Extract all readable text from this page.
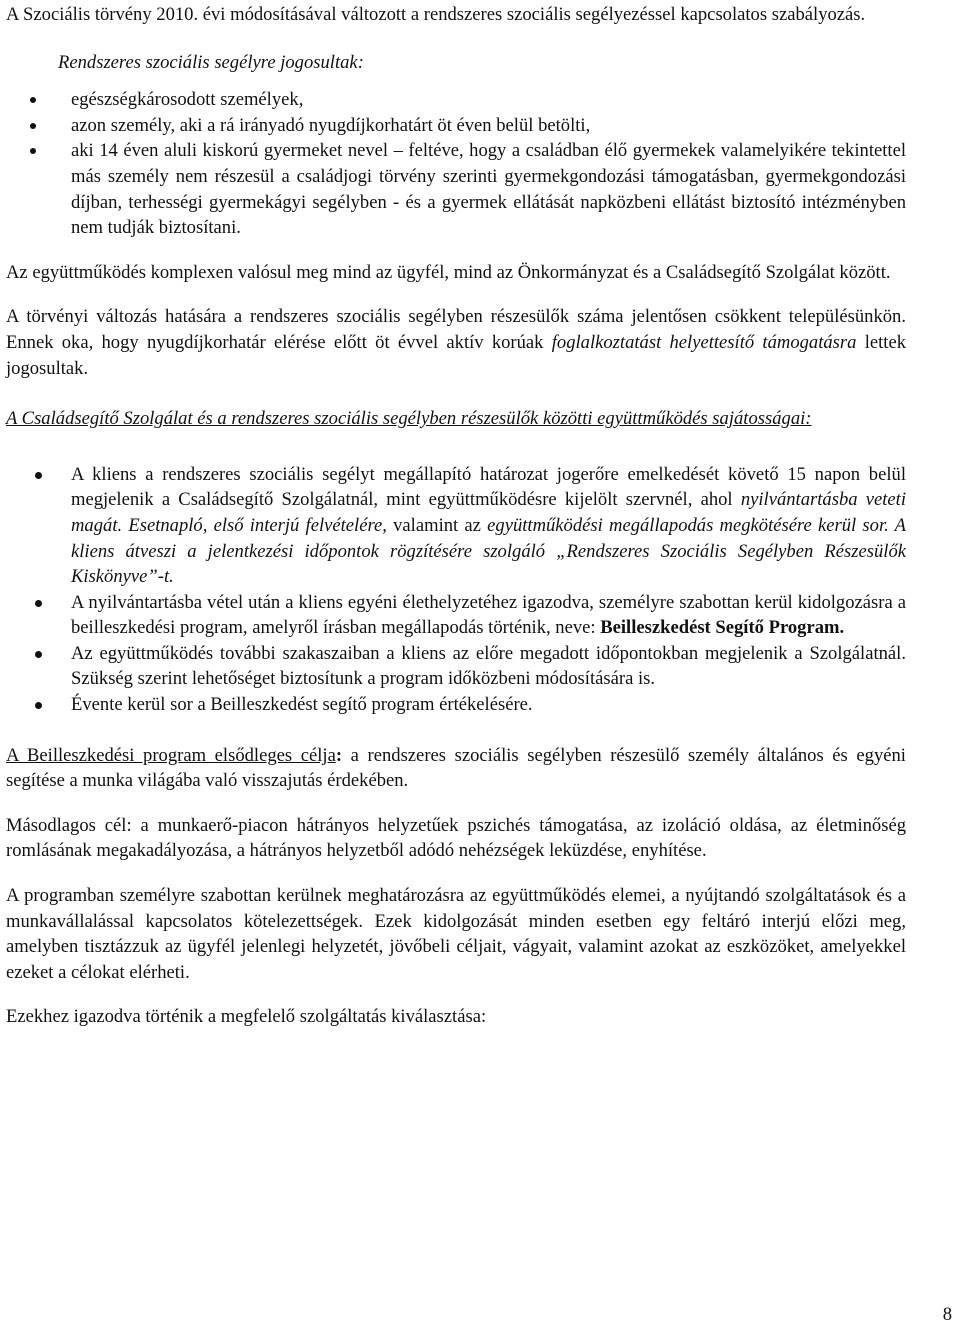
A Szociális törvény 2010. évi módosításával változott a rendszeres szociális segélyezéssel kapcsolatos szabályozás.

Rendszeres szociális segélyre jogosultak:

egészségkárosodott személyek,
azon személy, aki a rá irányadó nyugdíjkorhatárt öt éven belül betölti,
aki 14 éven aluli kiskorú gyermeket nevel – feltéve, hogy a családban élő gyermekek valamelyikére tekintettel más személy nem részesül a családjogi törvény szerinti gyermekgondozási támogatásban, gyermekgondozási díjban, terhességi gyermekágyi segélyben - és a gyermek ellátását napközbeni ellátást biztosító intézményben nem tudják biztosítani.

Az együttműködés komplexen valósul meg mind az ügyfél, mind az Önkormányzat és a Családsegítő Szolgálat között.

A törvényi változás hatására a rendszeres szociális segélyben részesülők száma jelentősen csökkent településünkön. Ennek oka, hogy nyugdíjkorhatár elérése előtt öt évvel aktív korúak foglalkoztatást helyettesítő támogatásra lettek jogosultak.

A Családsegítő Szolgálat és a rendszeres szociális segélyben részesülők közötti együttműködés sajátosságai:

A kliens a rendszeres szociális segélyt megállapító határozat jogerőre emelkedését követő 15 napon belül megjelenik a Családsegítő Szolgálatnál, mint együttműködésre kijelölt szervnél, ahol nyilvántartásba veteti magát. Esetnapló, első interjú felvételére, valamint az együttműködési megállapodás megkötésére kerül sor. A kliens átveszi a jelentkezési időpontok rögzítésére szolgáló „Rendszeres Szociális Segélyben Részesülők Kiskönyve”-t.
A nyilvántartásba vétel után a kliens egyéni élethelyzetéhez igazodva, személyre szabottan kerül kidolgozásra a beilleszkedési program, amelyről írásban megállapodás történik, neve: Beilleszkedést Segítő Program.
Az együttműködés további szakaszaiban a kliens az előre megadott időpontokban megjelenik a Szolgálatnál. Szükség szerint lehetőséget biztosítunk a program időközbeni módosítására is.
Évente kerül sor a Beilleszkedést segítő program értékelésére.

A Beilleszkedési program elsődleges célja: a rendszeres szociális segélyben részesülő személy általános és egyéni segítése a munka világába való visszajutás érdekében.

Másodlagos cél: a munkaerő-piacon hátrányos helyzetűek pszichés támogatása, az izoláció oldása, az életminőség romlásának megakadályozása, a hátrányos helyzetből adódó nehézségek leküzdése, enyhítése.

A programban személyre szabottan kerülnek meghatározásra az együttműködés elemei, a nyújtandó szolgáltatások és a munkavállalással kapcsolatos kötelezettségek. Ezek kidolgozását minden esetben egy feltáró interjú előzi meg, amelyben tisztázzuk az ügyfél jelenlegi helyzetét, jövőbeli céljait, vágyait, valamint azokat az eszközöket, amelyekkel ezeket a célokat elérheti.

Ezekhez igazodva történik a megfelelő szolgáltatás kiválasztása:

8
